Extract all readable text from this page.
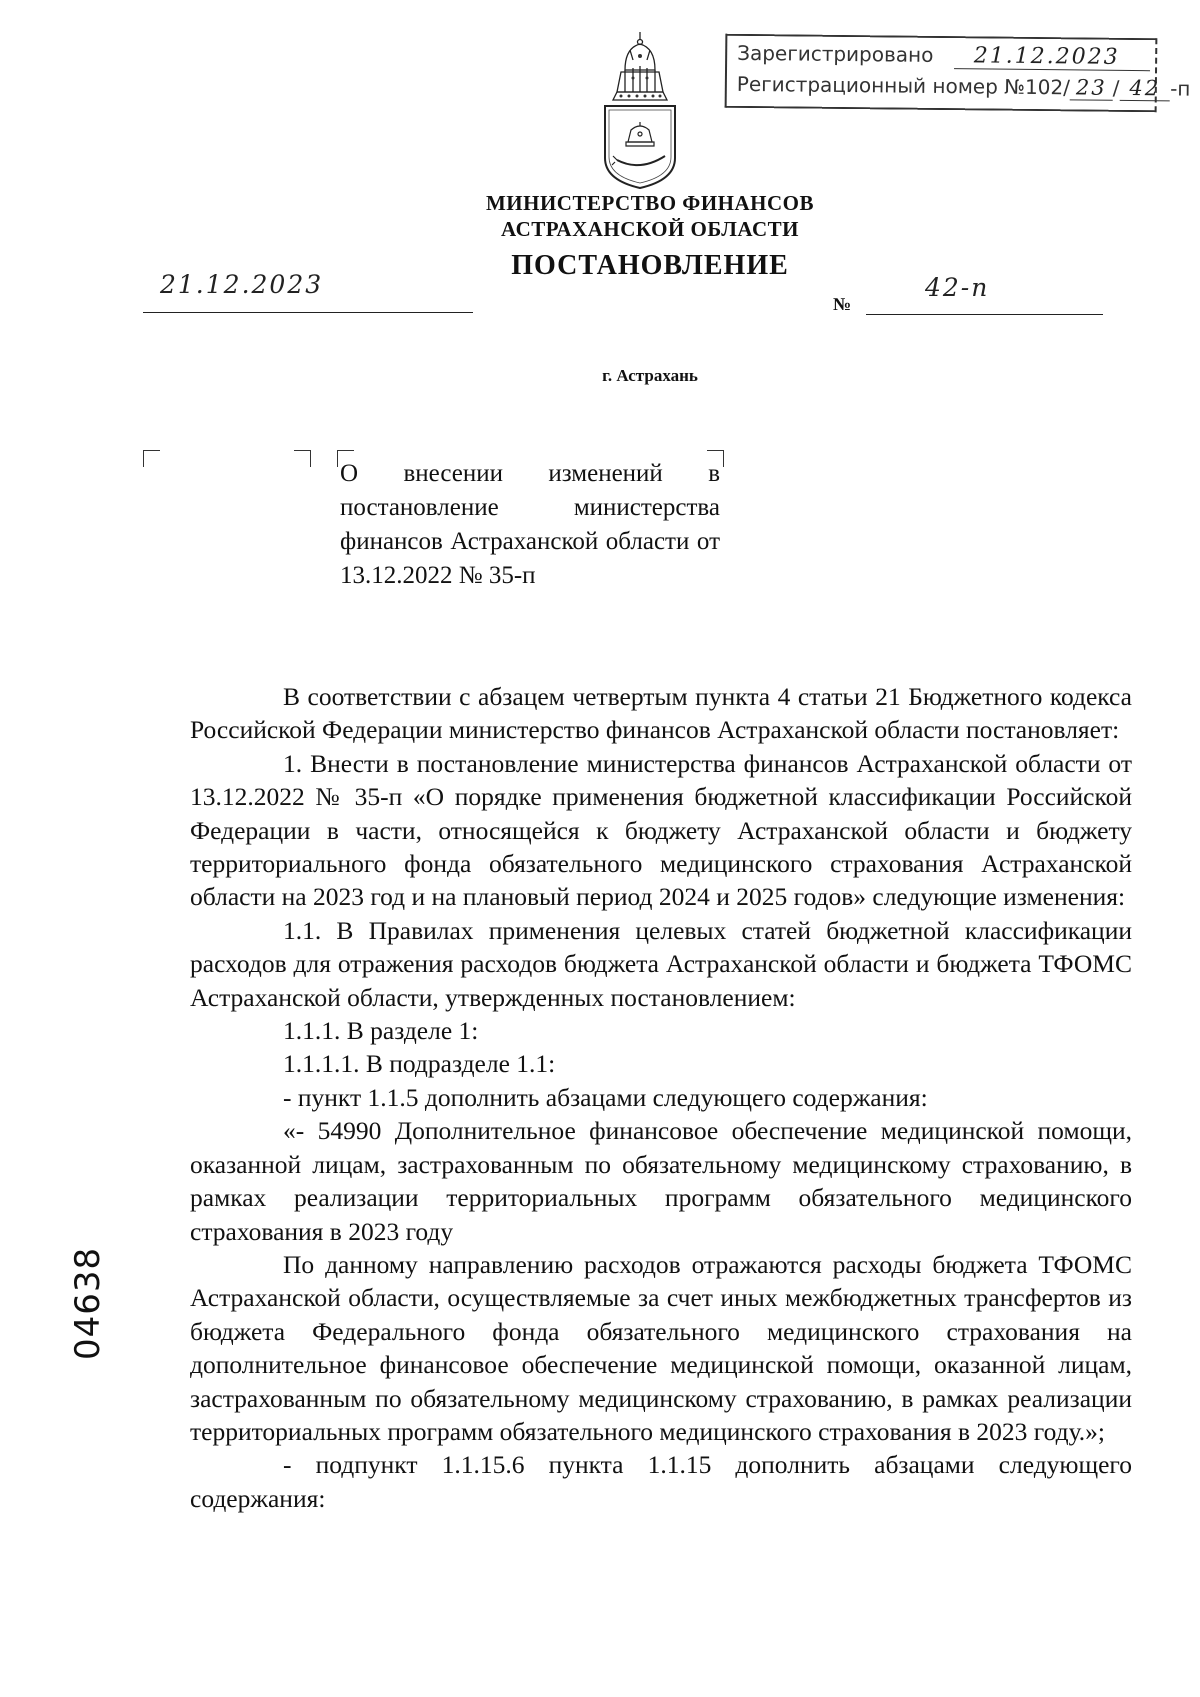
Зарегистрировано 21.12.2023
Регистрационный номер №102/ 23 / 42 -п
МИНИСТЕРСТВО ФИНАНСОВ
АСТРАХАНСКОЙ ОБЛАСТИ
ПОСТАНОВЛЕНИЕ
21.12.2023
№
42-п
г. Астрахань

О внесении изменений в постановление министерства финансов Астраханской области от 13.12.2022 № 35-п

В соответствии с абзацем четвертым пункта 4 статьи 21 Бюджетного кодекса Российской Федерации министерство финансов Астраханской области постановляет:

1. Внести в постановление министерства финансов Астраханской области от 13.12.2022 № 35-п «О порядке применения бюджетной классификации Российской Федерации в части, относящейся к бюджету Астраханской области и бюджету территориального фонда обязательного медицинского страхования Астраханской области на 2023 год и на плановый период 2024 и 2025 годов» следующие изменения:

1.1. В Правилах применения целевых статей бюджетной классификации расходов для отражения расходов бюджета Астраханской области и бюджета ТФОМС Астраханской области, утвержденных постановлением:

1.1.1. В разделе 1:

1.1.1.1. В подразделе 1.1:

- пункт 1.1.5 дополнить абзацами следующего содержания:

«- 54990 Дополнительное финансовое обеспечение медицинской помощи, оказанной лицам, застрахованным по обязательному медицинскому страхованию, в рамках реализации территориальных программ обязательного медицинского страхования в 2023 году

По данному направлению расходов отражаются расходы бюджета ТФОМС Астраханской области, осуществляемые за счет иных межбюджетных трансфертов из бюджета Федерального фонда обязательного медицинского страхования на дополнительное финансовое обеспечение медицинской помощи, оказанной лицам, застрахованным по обязательному медицинскому страхованию, в рамках реализации территориальных программ обязательного медицинского страхования в 2023 году.»;

- подпункт 1.1.15.6 пункта 1.1.15 дополнить абзацами следующего содержания:

04638
